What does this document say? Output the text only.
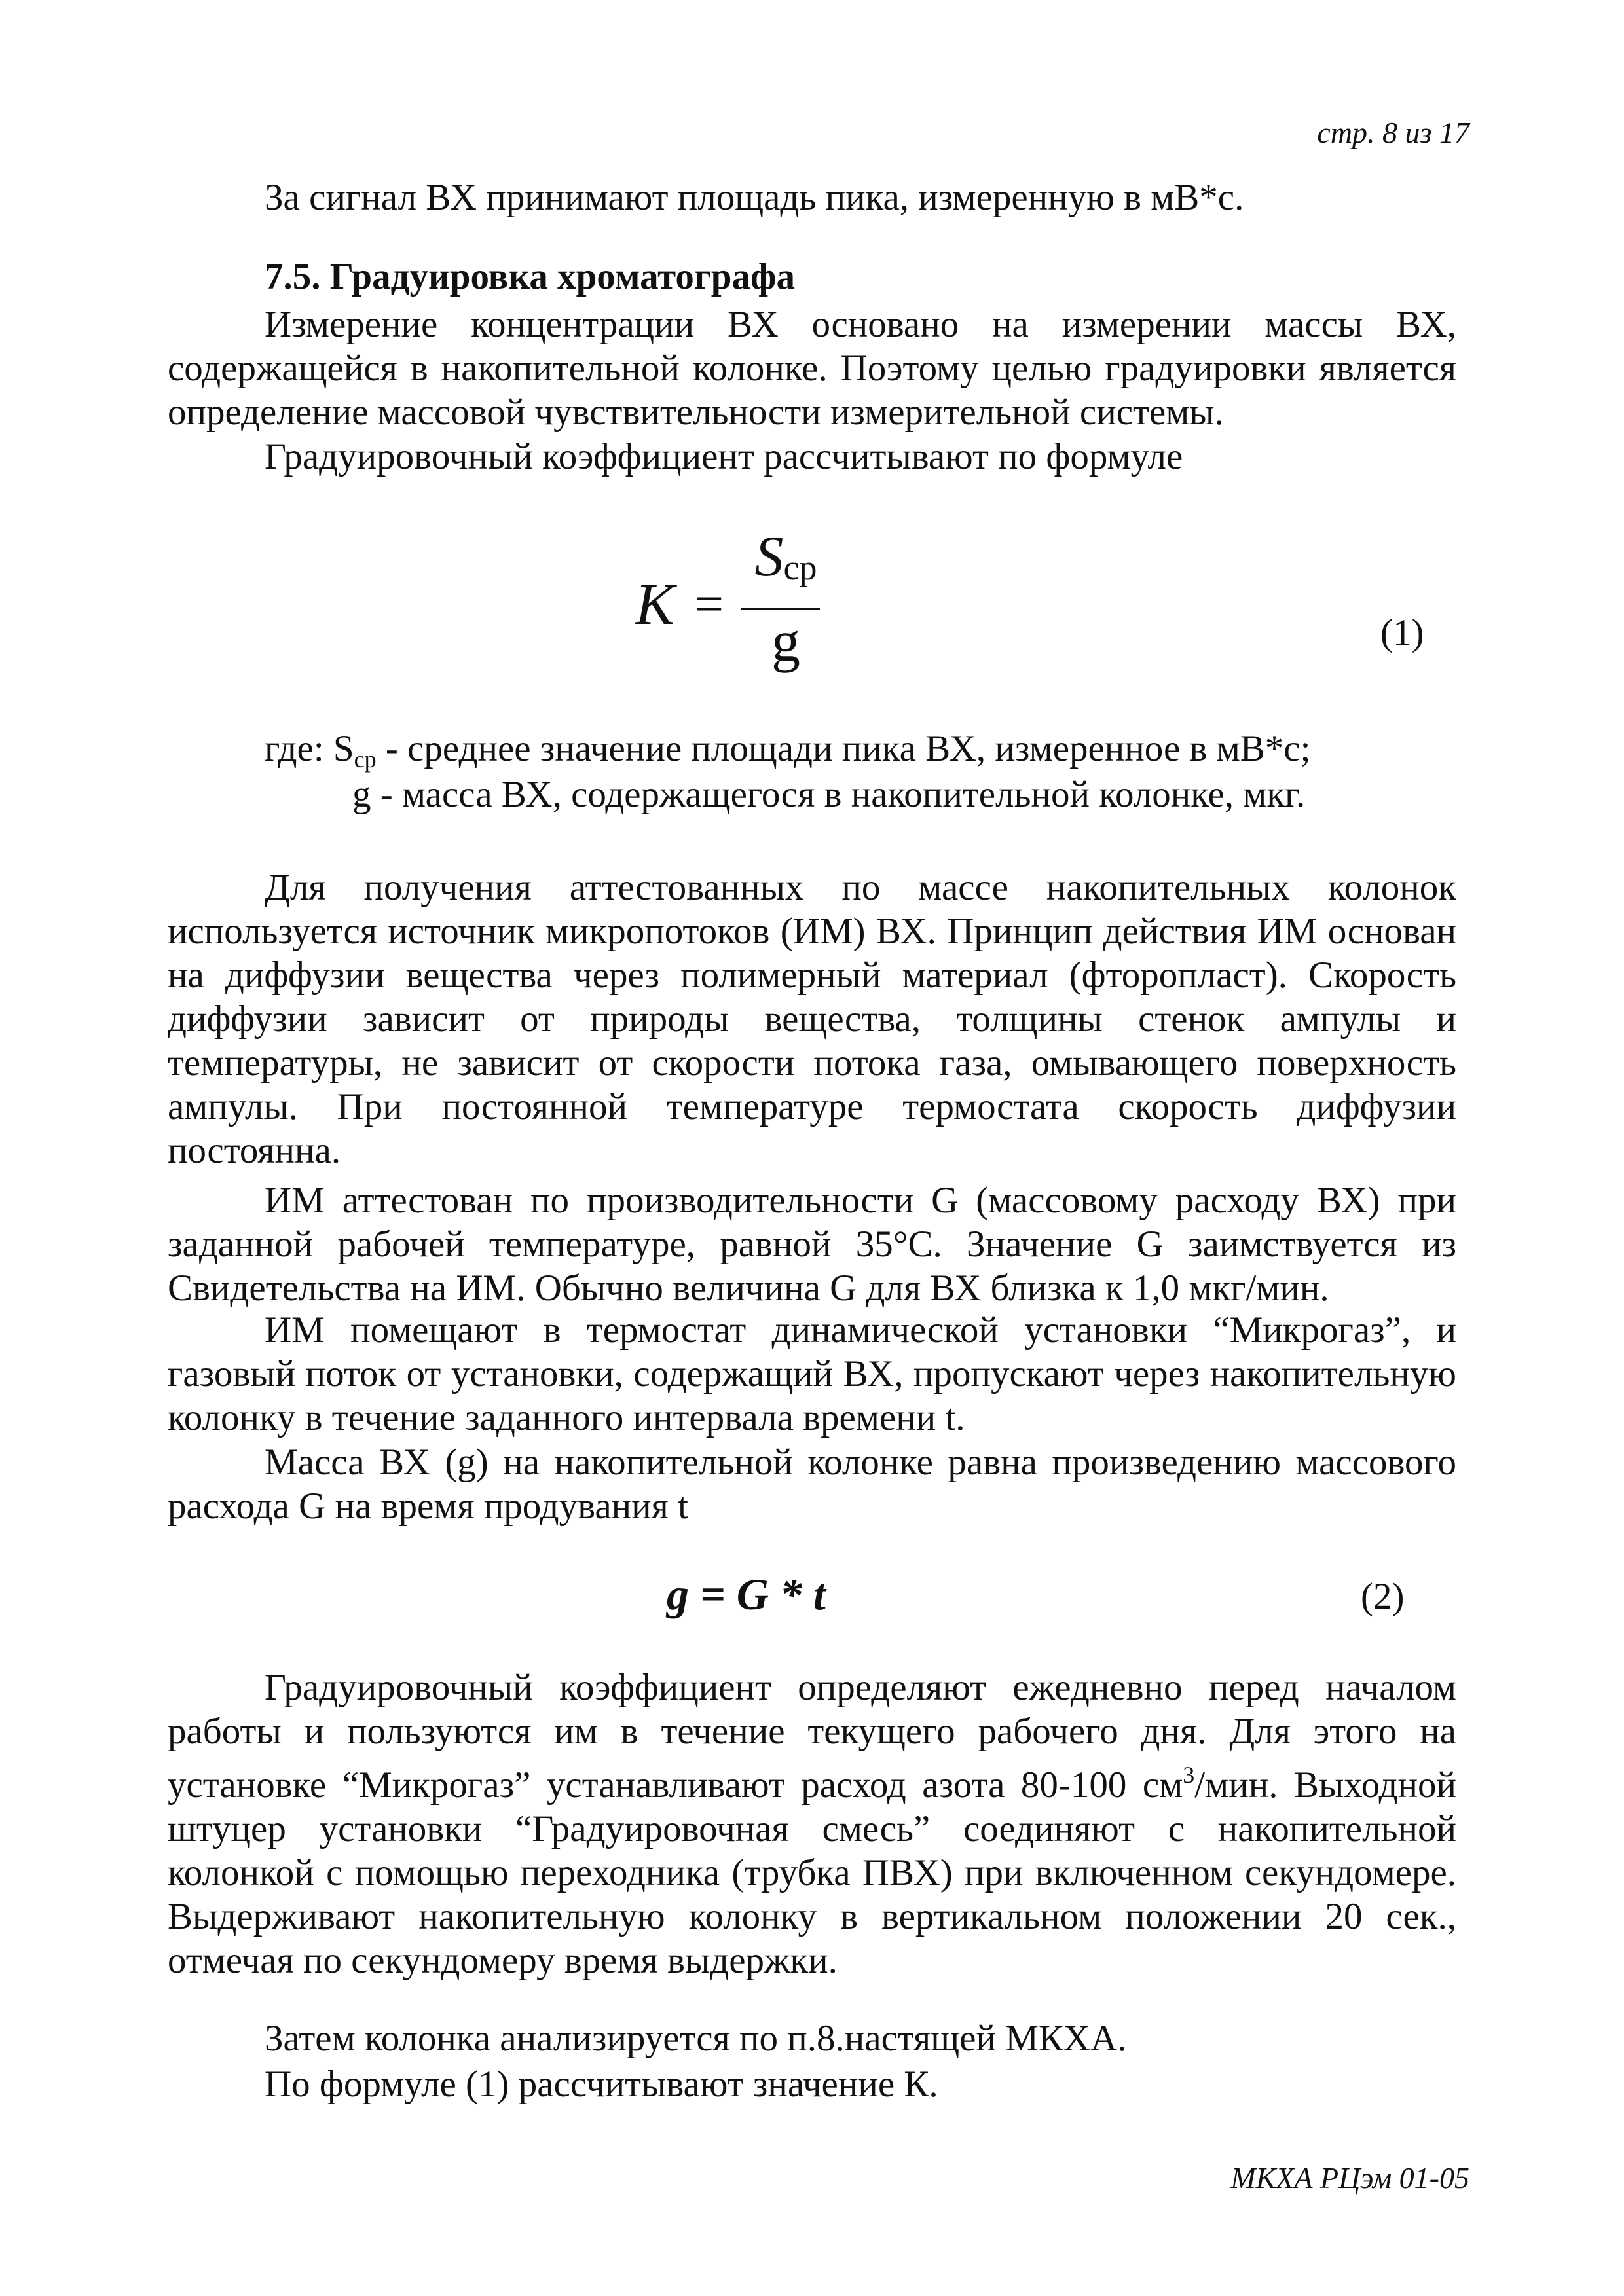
стр. 8 из 17
За сигнал ВХ принимают площадь пика, измеренную в мВ*с.
7.5. Градуировка хроматографа
Измерение концентрации ВХ основано на измерении массы ВХ, содержащейся в накопительной колонке. Поэтому целью градуировки является определение массовой чувствительности измерительной системы.
Градуировочный коэффициент рассчитывают по формуле
K =
$S_{ср}$
g	(1)
где: $S_{ср}$ - среднее значение площади пика ВХ, измеренное в мВ*с;
g - масса ВХ, содержащегося в накопительной колонке, мкг.
Для получения аттестованных по массе накопительных колонок используется источник микропотоков (ИМ) ВХ. Принцип действия ИМ основан на диффузии вещества через полимерный материал (фторопласт). Скорость диффузии зависит от природы вещества, толщины стенок ампулы и температуры, не зависит от скорости потока газа, омывающего поверхность ампулы. При постоянной температуре термостата скорость диффузии постоянна.
ИМ аттестован по производительности G (массовому расходу ВХ) при заданной рабочей температуре, равной 35°С. Значение G заимствуется из Свидетельства на ИМ. Обычно величина G для ВХ близка к 1,0 мкг/мин.
ИМ помещают в термостат динамической установки “Микрогаз”, и газовый поток от установки, содержащий ВХ, пропускают через накопительную колонку в течение заданного интервала времени t.
Масса ВХ (g) на накопительной колонке равна произведению массового расхода G на время продувания t
g = G * t	(2)
Градуировочный коэффициент определяют ежедневно перед началом работы и пользуются им в течение текущего рабочего дня. Для этого на установке “Микрогаз” устанавливают расход азота 80-100 $см^3$/мин. Выходной штуцер установки “Градуировочная смесь” соединяют с накопительной колонкой с помощью переходника (трубка ПВХ) при включенном секундомере. Выдерживают накопительную колонку в вертикальном положении 20 сек., отмечая по секундомеру время выдержки.
Затем колонка анализируется по п.8.настящей МКХА.
По формуле (1) рассчитывают значение К.
МКХА РЦэм 01-05
